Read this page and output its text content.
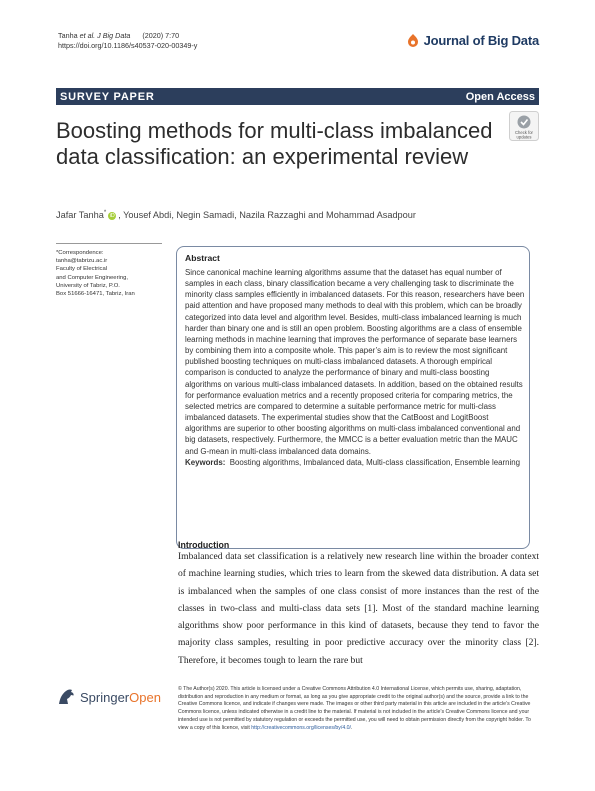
Tanha et al. J Big Data (2020) 7:70
https://doi.org/10.1186/s40537-020-00349-y	Journal of Big Data
SURVEY PAPER	Open Access
Check for
updates
Boosting methods for multi-class imbalanced data classification: an experimental review
Jafar Tanha* iD , Yousef Abdi, Negin Samadi, Nazila Razzaghi and Mohammad Asadpour
*Correspondence:
tanha@tabrizu.ac.ir
Faculty of Electrical
and Computer Engineering,
University of Tabriz, P.O.
Box 51666-16471, Tabriz, Iran
Abstract

Since canonical machine learning algorithms assume that the dataset has equal number of samples in each class, binary classification became a very challenging task to discriminate the minority class samples efficiently in imbalanced datasets. For this reason, researchers have been paid attention and have proposed many methods to deal with this problem, which can be broadly categorized into data level and algorithm level. Besides, multi-class imbalanced learning is much harder than binary one and is still an open problem. Boosting algorithms are a class of ensemble learning methods in machine learning that improves the performance of separate base learners by combining them into a composite whole. This paper’s aim is to review the most significant published boosting techniques on multi-class imbalanced datasets. A thorough empirical comparison is conducted to analyze the performance of binary and multi-class boosting algorithms on various multi-class imbalanced datasets. In addition, based on the obtained results for performance evaluation metrics and a recently proposed criteria for comparing metrics, the selected metrics are compared to determine a suitable performance metric for multi-class imbalanced datasets. The experimental studies show that the CatBoost and LogitBoost algorithms are superior to other boosting algorithms on multi-class imbalanced conventional and big datasets, respectively. Furthermore, the MMCC is a better evaluation metric than the MAUC and G-mean in multi-class imbalanced data domains.

Keywords: Boosting algorithms, Imbalanced data, Multi-class classification, Ensemble learning
Introduction
Imbalanced data set classification is a relatively new research line within the broader context of machine learning studies, which tries to learn from the skewed data distribution. A data set is imbalanced when the samples of one class consist of more instances than the rest of the classes in two-class and multi-class data sets [1]. Most of the standard machine learning algorithms show poor performance in this kind of datasets, because they tend to favor the majority class samples, resulting in poor predictive accuracy over the minority class [2]. Therefore, it becomes tough to learn the rare but
SpringerOpen
© The Author(s) 2020. This article is licensed under a Creative Commons Attribution 4.0 International License, which permits use, sharing, adaptation, distribution and reproduction in any medium or format, as long as you give appropriate credit to the original author(s) and the source, provide a link to the Creative Commons licence, and indicate if changes were made. The images or other third party material in this article are included in the article’s Creative Commons licence, unless indicated otherwise in a credit line to the material. If material is not included in the article’s Creative Commons licence and your intended use is not permitted by statutory regulation or exceeds the permitted use, you will need to obtain permission directly from the copyright holder. To view a copy of this licence, visit http://creativecommons.org/licenses/by/4.0/.
